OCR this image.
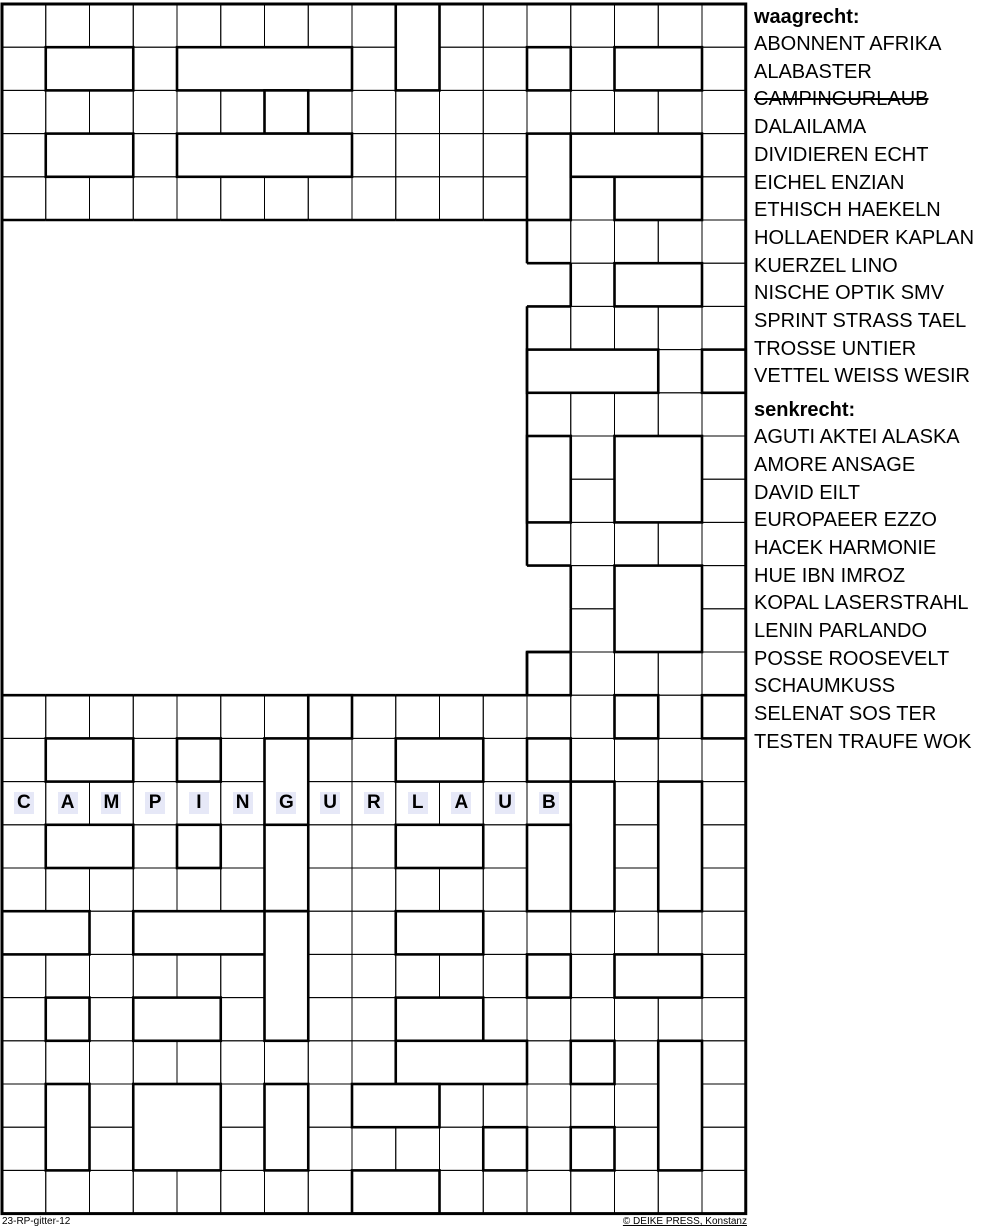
C A M P	I	N G U R L A U B
waagrecht:
ABONNENT AFRIKA
ALABASTER
CAMPINGURLAUB
DALAILAMA
DIVIDIEREN ECHT
EICHEL ENZIAN
ETHISCH HAEKELN
HOLLAENDER KAPLAN
KUERZEL LINO
NISCHE OPTIK SMV
SPRINT STRASS TAEL
TROSSE UNTIER
VETTEL WEISS WESIR
senkrecht:
AGUTI AKTEI ALASKA
AMORE ANSAGE
DAVID EILT
EUROPAEER EZZO
HACEK HARMONIE
HUE IBN IMROZ
KOPAL LASERSTRAHL
LENIN PARLANDO
POSSE ROOSEVELT
SCHAUMKUSS
SELENAT SOS TER
TESTEN TRAUFE WOK
23-RP-gitter-12	© DEIKE PRESS, Konstanz
